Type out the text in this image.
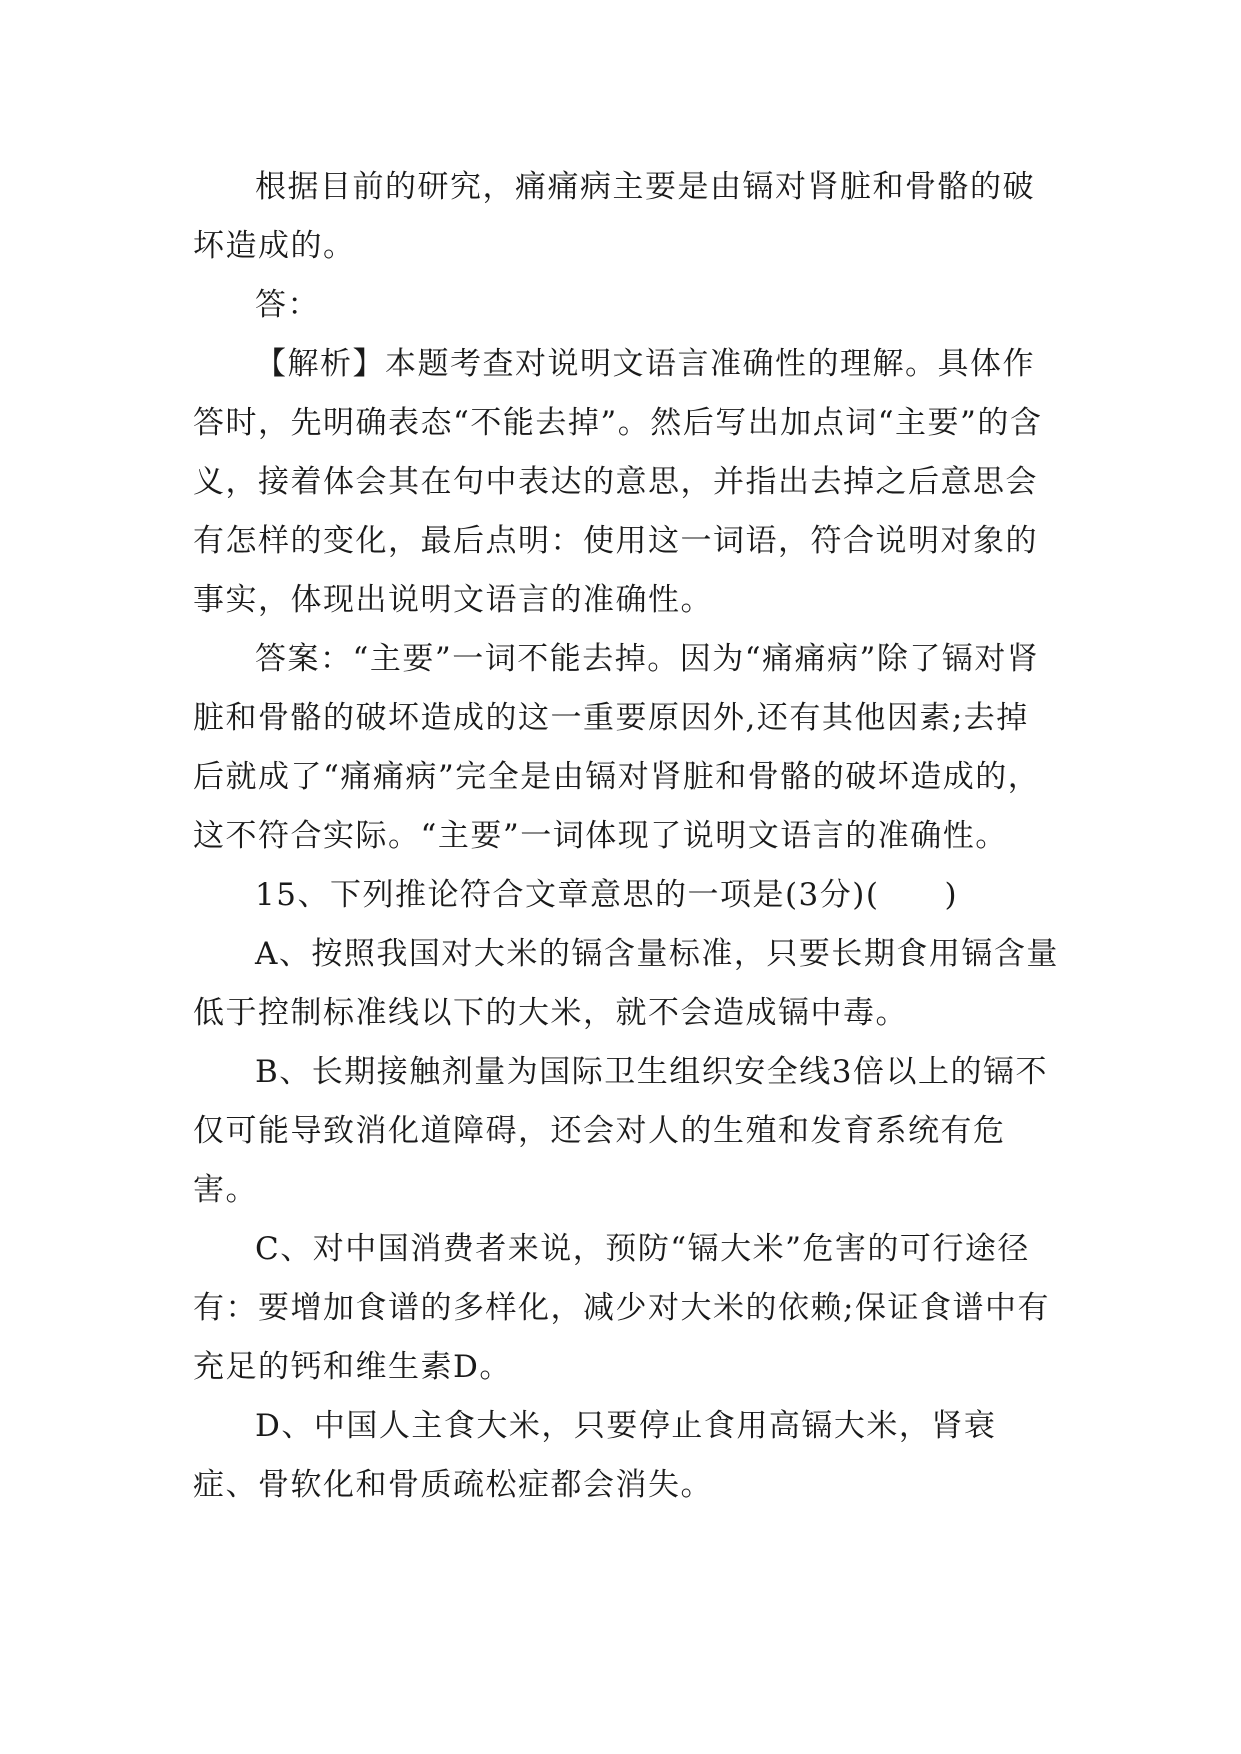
根据目前的研究，痛痛病主要是由镉对肾脏和骨骼的破坏造成的。

答：

【解析】本题考查对说明文语言准确性的理解。具体作答时，先明确表态“不能去掉”。然后写出加点词“主要”的含义，接着体会其在句中表达的意思，并指出去掉之后意思会有怎样的变化，最后点明：使用这一词语，符合说明对象的事实，体现出说明文语言的准确性。

答案：“主要”一词不能去掉。因为“痛痛病”除了镉对肾脏和骨骼的破坏造成的这一重要原因外,还有其他因素;去掉后就成了“痛痛病”完全是由镉对肾脏和骨骼的破坏造成的，这不符合实际。“主要”一词体现了说明文语言的准确性。

15、下列推论符合文章意思的一项是(3分)(　　)

A、按照我国对大米的镉含量标准，只要长期食用镉含量低于控制标准线以下的大米，就不会造成镉中毒。

B、长期接触剂量为国际卫生组织安全线3倍以上的镉不仅可能导致消化道障碍，还会对人的生殖和发育系统有危害。

C、对中国消费者来说，预防“镉大米”危害的可行途径有：要增加食谱的多样化，减少对大米的依赖;保证食谱中有充足的钙和维生素D。

D、中国人主食大米，只要停止食用高镉大米，肾衰症、骨软化和骨质疏松症都会消失。
